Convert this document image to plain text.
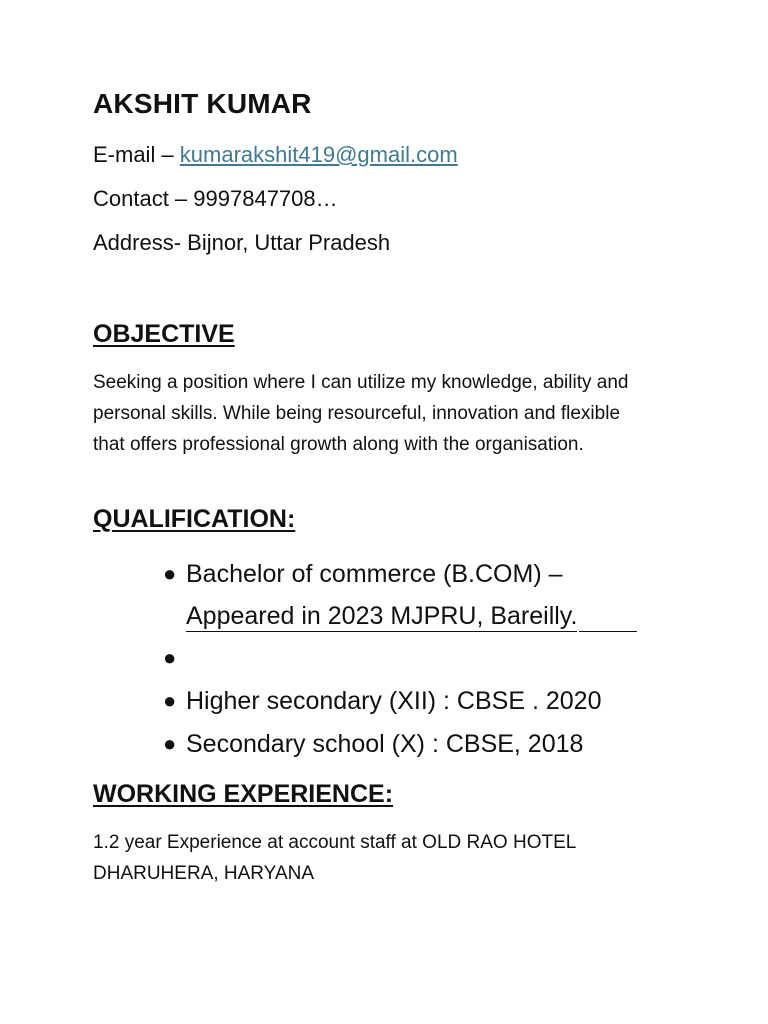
AKSHIT KUMAR

E-mail – kumarakshit419@gmail.com

Contact – 9997847708…

Address- Bijnor, Uttar Pradesh

OBJECTIVE

Seeking a position where I can utilize my knowledge, ability and personal skills. While being resourceful, innovation and flexible that offers professional growth along with the organisation.

QUALIFICATION:
● Bachelor of commerce (B.COM) –
Appeared in 2023 MJPRU, Bareilly.
●
● Higher secondary (XII) : CBSE . 2020
● Secondary school (X) : CBSE, 2018
WORKING EXPERIENCE:

1.2 year Experience at account staff at OLD RAO HOTEL DHARUHERA, HARYANA
